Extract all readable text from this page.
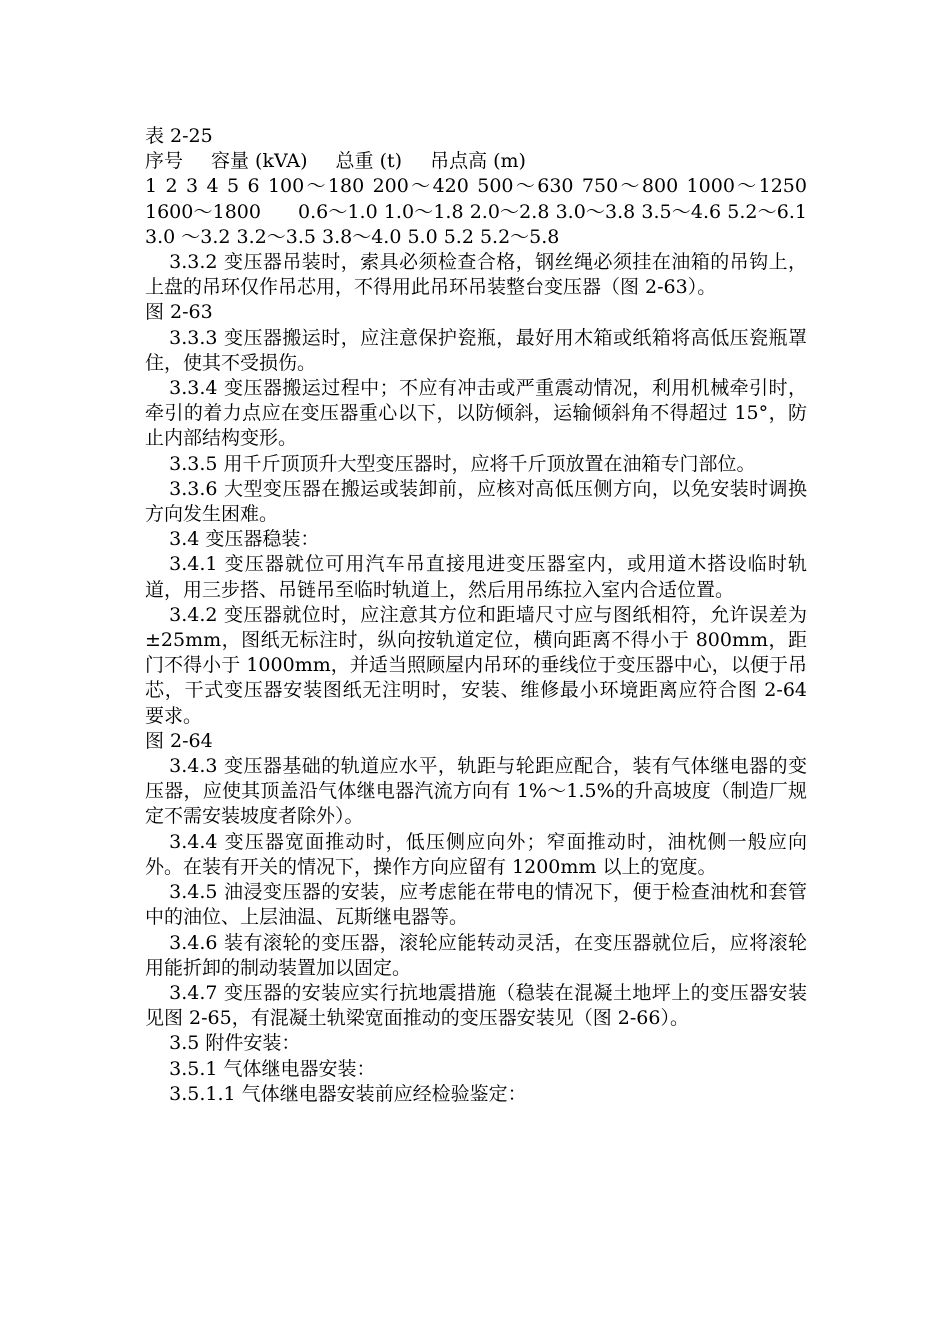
表 2-25
序号 容量 (kVA) 总重 (t) 吊点高 (m)
1 2 3 4 5 6 100～180 200～420 500～630 750～800 1000～1250 1600～1800      0.6～1.0 1.0～1.8 2.0～2.8 3.0～3.8 3.5～4.6 5.2～6.1 3.0 ～3.2 3.2～3.5 3.8～4.0 5.0 5.2 5.2～5.8

3.3.2 变压器吊装时，索具必须检查合格，钢丝绳必须挂在油箱的吊钩上，上盘的吊环仅作吊芯用，不得用此吊环吊装整台变压器（图 2-63）。

图 2-63

3.3.3 变压器搬运时，应注意保护瓷瓶，最好用木箱或纸箱将高低压瓷瓶罩住，使其不受损伤。

3.3.4 变压器搬运过程中；不应有冲击或严重震动情况，利用机械牵引时，牵引的着力点应在变压器重心以下，以防倾斜，运输倾斜角不得超过 15°，防止内部结构变形。

3.3.5 用千斤顶顶升大型变压器时，应将千斤顶放置在油箱专门部位。

3.3.6 大型变压器在搬运或装卸前，应核对高低压侧方向，以免安装时调换方向发生困难。

3.4 变压器稳装：

3.4.1 变压器就位可用汽车吊直接甩进变压器室内，或用道木搭设临时轨道，用三步搭、吊链吊至临时轨道上，然后用吊练拉入室内合适位置。

3.4.2 变压器就位时，应注意其方位和距墙尺寸应与图纸相符，允许误差为±25mm，图纸无标注时，纵向按轨道定位，横向距离不得小于 800mm，距门不得小于 1000mm，并适当照顾屋内吊环的垂线位于变压器中心，以便于吊芯，干式变压器安装图纸无注明时，安装、维修最小环境距离应符合图 2-64 要求。

图 2-64

3.4.3 变压器基础的轨道应水平，轨距与轮距应配合，装有气体继电器的变压器，应使其顶盖沿气体继电器汽流方向有 1%～1.5%的升高坡度（制造厂规定不需安装坡度者除外）。

3.4.4 变压器宽面推动时，低压侧应向外；窄面推动时，油枕侧一般应向外。在装有开关的情况下，操作方向应留有 1200mm 以上的宽度。

3.4.5 油浸变压器的安装，应考虑能在带电的情况下，便于检查油枕和套管中的油位、上层油温、瓦斯继电器等。

3.4.6 装有滚轮的变压器，滚轮应能转动灵活，在变压器就位后，应将滚轮用能折卸的制动装置加以固定。

3.4.7 变压器的安装应实行抗地震措施（稳装在混凝土地坪上的变压器安装见图 2-65，有混凝土轨梁宽面推动的变压器安装见（图 2-66）。

3.5 附件安装：

3.5.1 气体继电器安装：

3.5.1.1 气体继电器安装前应经检验鉴定：
